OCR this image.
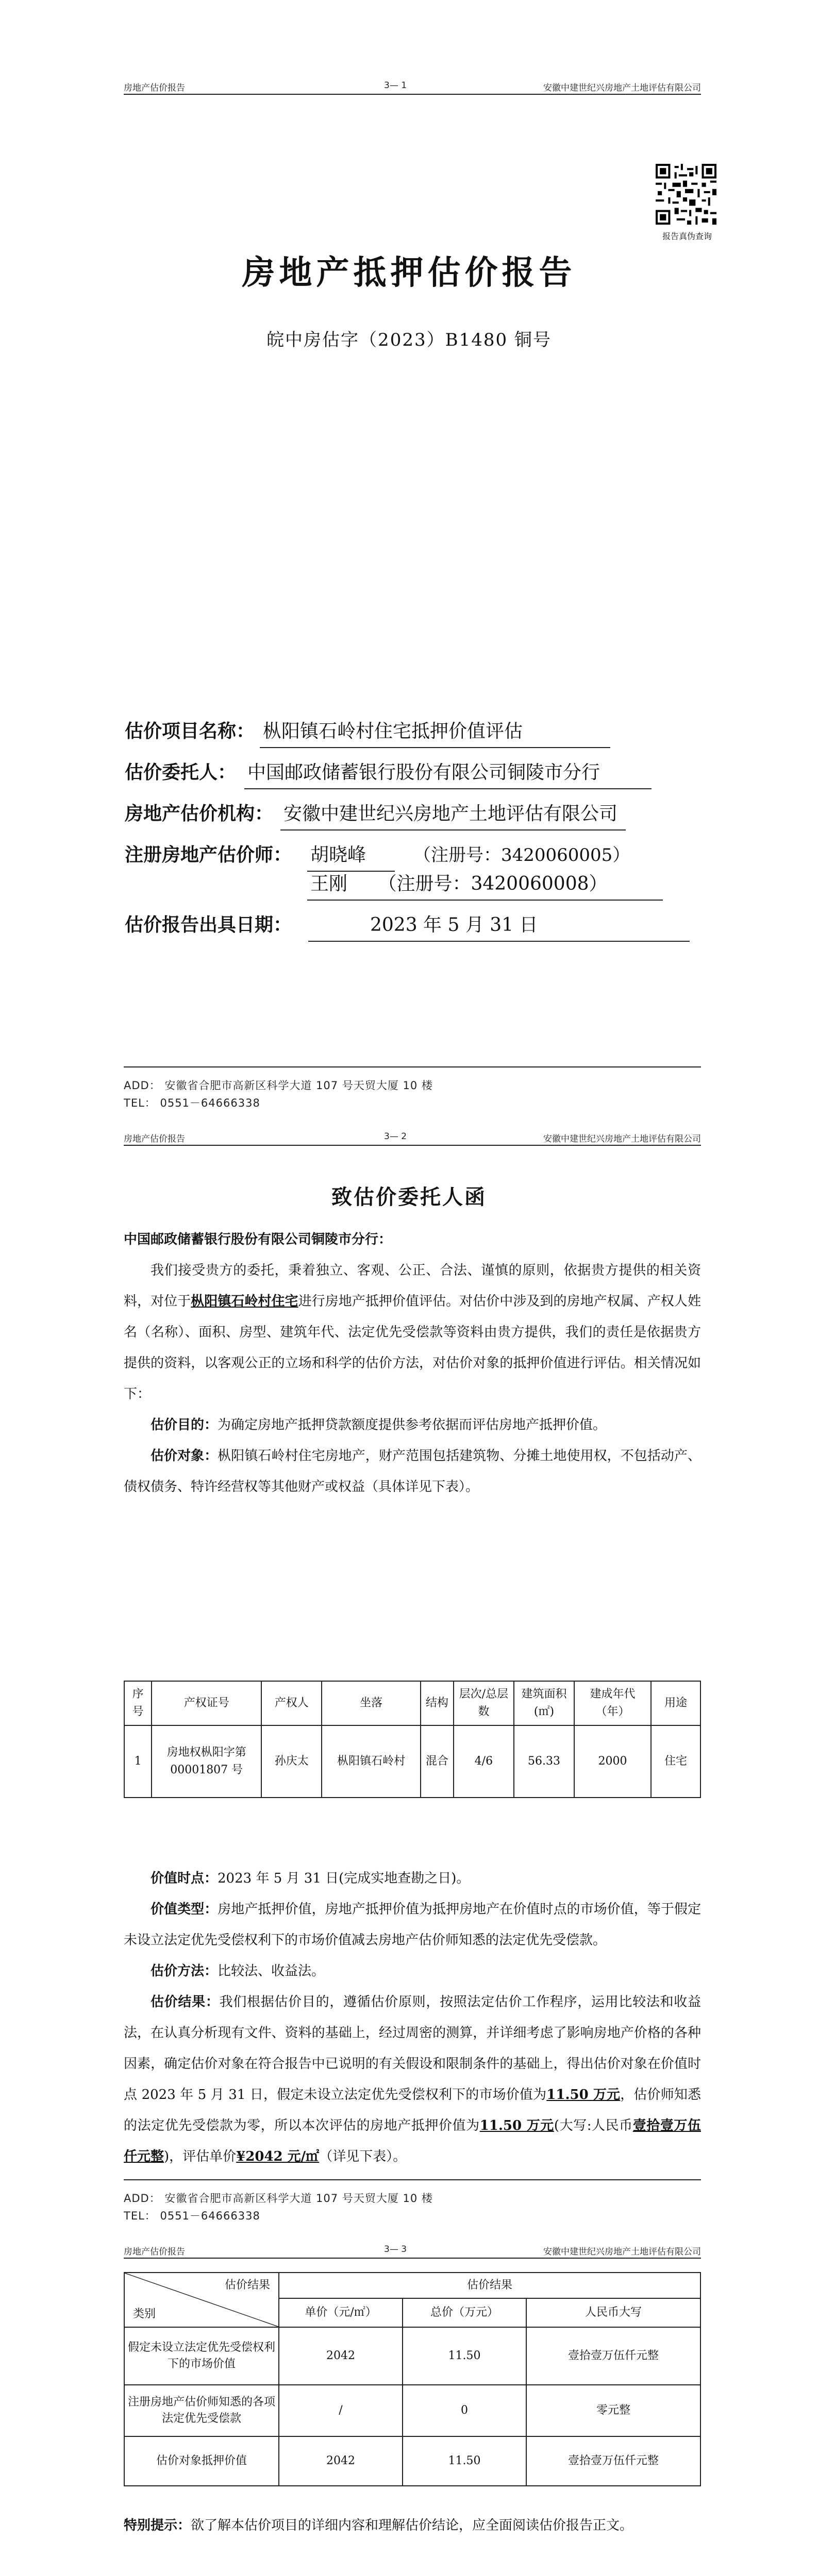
房地产估价报告	3— 1	安徽中建世纪兴房地产土地评估有限公司
报告真伪查询
房地产抵押估价报告
皖中房估字（2023）B1480 铜号
估价项目名称： 枞阳镇石岭村住宅抵押价值评估
估价委托人： 中国邮政储蓄银行股份有限公司铜陵市分行
房地产估价机构： 安徽中建世纪兴房地产土地评估有限公司
注册房地产估价师： 胡晓峰	（注册号：3420060005）
王刚 （注册号：3420060008）
估价报告出具日期：	2023 年 5 月 31 日
ADD： 安徽省合肥市高新区科学大道 107 号天贸大厦 10 楼
TEL： 0551－64666338
房地产估价报告	3— 2	安徽中建世纪兴房地产土地评估有限公司
致估价委托人函

中国邮政储蓄银行股份有限公司铜陵市分行：

我们接受贵方的委托，秉着独立、客观、公正、合法、谨慎的原则，依据贵方提供的相关资料，对位于枞阳镇石岭村住宅进行房地产抵押价值评估。对估价中涉及到的房地产权属、产权人姓名（名称）、面积、房型、建筑年代、法定优先受偿款等资料由贵方提供，我们的责任是依据贵方提供的资料，以客观公正的立场和科学的估价方法，对估价对象的抵押价值进行评估。相关情况如下：

估价目的：为确定房地产抵押贷款额度提供参考依据而评估房地产抵押价值。

估价对象：枞阳镇石岭村住宅房地产，财产范围包括建筑物、分摊土地使用权，不包括动产、债权债务、特许经营权等其他财产或权益（具体详见下表）。

序号	产权证号	产权人	坐落	结构	层次/总层数	建筑面积(㎡)	建成年代（年）	用途
1	房地权枞阳字第 00001807 号	孙庆太	枞阳镇石岭村	混合	4/6	56.33	2000	住宅

价值时点：2023 年 5 月 31 日(完成实地查勘之日)。

价值类型：房地产抵押价值，房地产抵押价值为抵押房地产在价值时点的市场价值，等于假定未设立法定优先受偿权利下的市场价值减去房地产估价师知悉的法定优先受偿款。

估价方法：比较法、收益法。

估价结果：我们根据估价目的，遵循估价原则，按照法定估价工作程序，运用比较法和收益法，在认真分析现有文件、资料的基础上，经过周密的测算，并详细考虑了影响房地产价格的各种因素，确定估价对象在符合报告中已说明的有关假设和限制条件的基础上，得出估价对象在价值时点 2023 年 5 月 31 日，假定未设立法定优先受偿权利下的市场价值为11.50 万元，估价师知悉的法定优先受偿款为零，所以本次评估的房地产抵押价值为11.50 万元(大写:人民币壹拾壹万伍仟元整)，评估单价¥2042 元/㎡（详见下表）。

ADD： 安徽省合肥市高新区科学大道 107 号天贸大厦 10 楼
TEL： 0551－64666338
房地产估价报告	3— 3	安徽中建世纪兴房地产土地评估有限公司
估价结果
类别	估价结果		
	单价（元/㎡）	总价（万元）	人民币大写
假定未设立法定优先受偿权利下的市场价值	2042	11.50	壹拾壹万伍仟元整
注册房地产估价师知悉的各项法定优先受偿款	/	0	零元整
估价对象抵押价值	2042	11.50	壹拾壹万伍仟元整

特别提示：欲了解本估价项目的详细内容和理解估价结论，应全面阅读估价报告正文。
